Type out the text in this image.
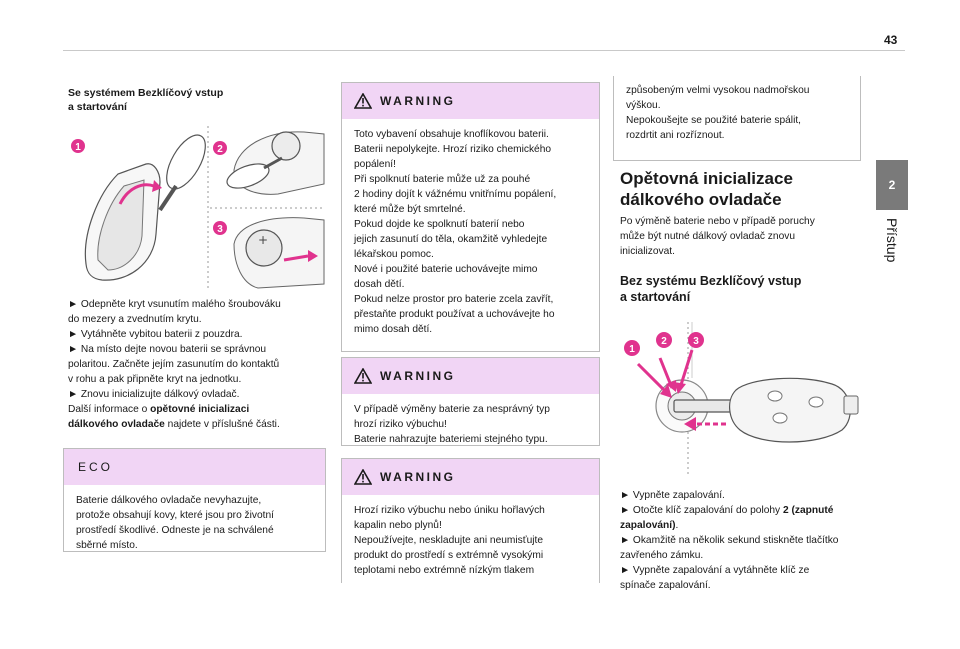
43
2
Přístup

Se systémem Bezklíčový vstup

a startování

1	2
3
+

► Odepněte kryt vsunutím malého šroubováku

do mezery a zvednutím krytu.

► Vytáhněte vybitou baterii z pouzdra.

► Na místo dejte novou baterii se správnou

polaritou. Začněte jejím zasunutím do kontaktů

v rohu a pak připněte kryt na jednotku.

► Znovu inicializujte dálkový ovladač.

Další informace o opětovné inicializaci

dálkového ovladače najdete v příslušné části.

ECO

Baterie dálkového ovladače nevyhazujte,

protože obsahují kovy, které jsou pro životní

prostředí škodlivé. Odneste je na schválené

sběrné místo.

WARNING

Toto vybavení obsahuje knoflíkovou baterii.

Baterii nepolykejte. Hrozí riziko chemického

popálení!

Při spolknutí baterie může už za pouhé

2 hodiny dojít k vážnému vnitřnímu popálení,

které může být smrtelné.

Pokud dojde ke spolknutí baterií nebo

jejich zasunutí do těla, okamžitě vyhledejte

lékařskou pomoc.

Nové i použité baterie uchovávejte mimo

dosah dětí.

Pokud nelze prostor pro baterie zcela zavřít,

přestaňte produkt používat a uchovávejte ho

mimo dosah dětí.

WARNING

V případě výměny baterie za nesprávný typ

hrozí riziko výbuchu!

Baterie nahrazujte bateriemi stejného typu.

WARNING

Hrozí riziko výbuchu nebo úniku hořlavých

kapalin nebo plynů!

Nepoužívejte, neskladujte ani neumisťujte

produkt do prostředí s extrémně vysokými

teplotami nebo extrémně nízkým tlakem

způsobeným velmi vysokou nadmořskou

výškou.

Nepokoušejte se použité baterie spálit,

rozdrtit ani rozříznout.

Opětovná inicializace

dálkového ovladače

Po výměně baterie nebo v případě poruchy

může být nutné dálkový ovladač znovu

inicializovat.

Bez systému Bezklíčový vstup

a startování

1
2	3

► Vypněte zapalování.

► Otočte klíč zapalování do polohy 2 (zapnuté

zapalování).

► Okamžitě na několik sekund stiskněte tlačítko

zavřeného zámku.

► Vypněte zapalování a vytáhněte klíč ze

spínače zapalování.
